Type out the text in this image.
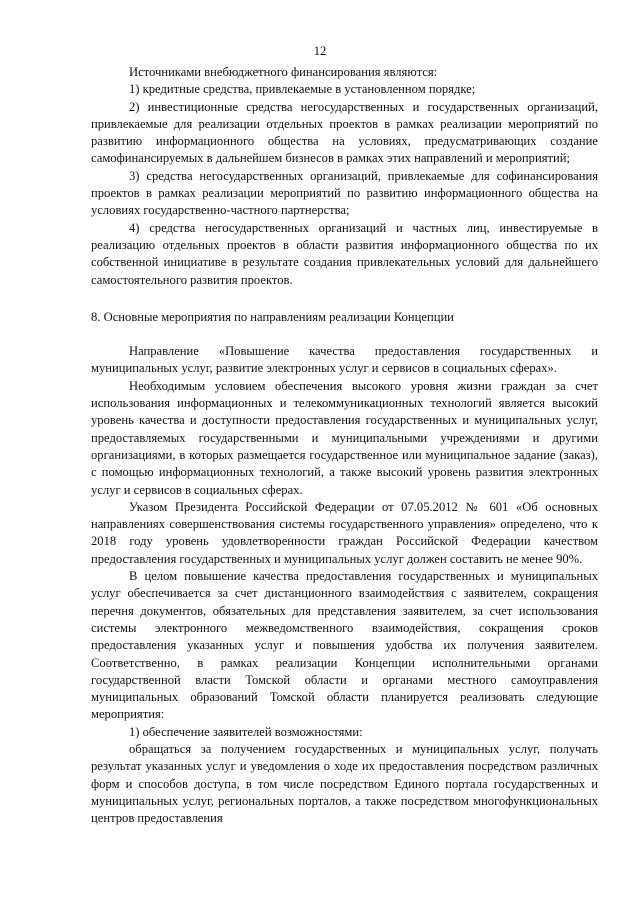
12

Источниками внебюджетного финансирования являются:

1) кредитные средства, привлекаемые в установленном порядке;

2) инвестиционные средства негосударственных и государственных организаций, привлекаемые для реализации отдельных проектов в рамках реализации мероприятий по развитию информационного общества на условиях, предусматривающих создание самофинансируемых в дальнейшем бизнесов в рамках этих направлений и мероприятий;

3) средства негосударственных организаций, привлекаемые для софинансирования проектов в рамках реализации мероприятий по развитию информационного общества на условиях государственно-частного партнерства;

4) средства негосударственных организаций и частных лиц, инвестируемые в реализацию отдельных проектов в области развития информационного общества по их собственной инициативе в результате создания привлекательных условий для дальнейшего самостоятельного развития проектов.

8. Основные мероприятия по направлениям реализации Концепции

Направление «Повышение качества предоставления государственных и муниципальных услуг, развитие электронных услуг и сервисов в социальных сферах».

Необходимым условием обеспечения высокого уровня жизни граждан за счет использования информационных и телекоммуникационных технологий является высокий уровень качества и доступности предоставления государственных и муниципальных услуг, предоставляемых государственными и муниципальными учреждениями и другими организациями, в которых размещается государственное или муниципальное задание (заказ), с помощью информационных технологий, а также высокий уровень развития электронных услуг и сервисов в социальных сферах.

Указом Президента Российской Федерации от 07.05.2012 № 601 «Об основных направлениях совершенствования системы государственного управления» определено, что к 2018 году уровень удовлетворенности граждан Российской Федерации качеством предоставления государственных и муниципальных услуг должен составить не менее 90%.

В целом повышение качества предоставления государственных и муниципальных услуг обеспечивается за счет дистанционного взаимодействия с заявителем, сокращения перечня документов, обязательных для представления заявителем, за счет использования системы электронного межведомственного взаимодействия, сокращения сроков предоставления указанных услуг и повышения удобства их получения заявителем. Соответственно, в рамках реализации Концепции исполнительными органами государственной власти Томской области и органами местного самоуправления муниципальных образований Томской области планируется реализовать следующие мероприятия:

1) обеспечение заявителей возможностями:

обращаться за получением государственных и муниципальных услуг, получать результат указанных услуг и уведомления о ходе их предоставления посредством различных форм и способов доступа, в том числе посредством Единого портала государственных и муниципальных услуг, региональных порталов, а также посредством многофункциональных центров предоставления
